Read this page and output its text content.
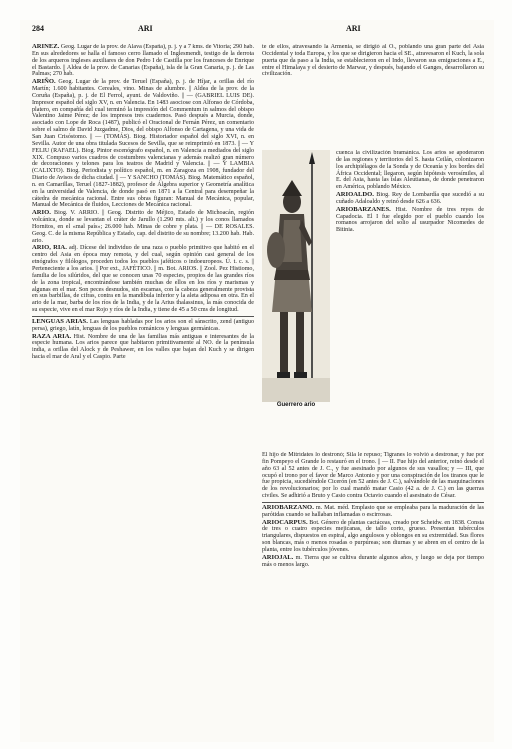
284	ARI	ARI

ARIÑEZ. Geog. Lugar de la prov. de Alava (España), p. j. y a 7 kms. de Vitoria; 290 hab. En sus alrededores se halla el famoso cerro llamado el Inglesmendi, testigo de la derrota de los arqueros ingleses auxiliares de don Pedro I de Castilla por los franceses de Enrique el Bastardo. || Aldea de la prov. de Canarias (España), isla de la Gran Canaria, p. j. de Las Palmas; 270 hab.

ARIÑO. Geog. Lugar de la prov. de Teruel (España), p. j. de Híjar, a orillas del río Martín; 1.600 habitantes. Cereales, vino. Minas de alumbre. || Aldea de la prov. de la Coruña (España), p. j. de El Ferrol, ayunt. de Valdoviño. || — (GABRIEL LUIS DE). Impresor español del siglo XV, n. en Valencia. En 1483 asociose con Alfonso de Córdoba, platero, en compañía del cual terminó la impresión del Commentum in salmos del obispo Valentino Jaime Pérez; de los impresos tres cuadernos. Pasó después a Murcia, donde, asociado con Lope de Roca (1487), publicó el Oracional de Fernán Pérez, un comentario sobre el salmo de David Juzgadme, Dios, del obispo Alfonso de Cartagena, y una vida de San Juan Crisóstomo. || — (TOMÁS). Biog. Historiador español del siglo XVI, n. en Sevilla. Autor de una obra titulada Sucesos de Sevilla, que se reimprimió en 1873. || — Y FELIU (RAFAEL). Biog. Pintor escenógrafo español, n. en Valencia a mediados del siglo XIX. Compuso varios cuadros de costumbres valencianas y además realizó gran número de decoraciones y telones para los teatros de Madrid y Valencia. || — Y LAMBIA (CALIXTO). Biog. Periodista y político español, m. en Zaragoza en 1908, fundador del Diario de Avisos de dicha ciudad. || — Y SANCHO (TOMÁS). Biog. Matemático español, n. en Camarillas, Teruel (1827-1882), profesor de Álgebra superior y Geometría analítica en la universidad de Valencia, de donde pasó en 1871 a la Central para desempeñar la cátedra de mecánica racional. Entre sus obras figuran: Manual de Mecánica, popular, Manual de Mecánica de fluidos, Lecciones de Mecánica racional.

ARIO. Biog. V. ARRIO. || Geog. Distrito de Méjico, Estado de Michoacán, región volcánica, donde se levantan el cráter de Jarullo (1.290 mts. alt.) y los conos llamados Hornitos, en el «mal país»; 26.000 hab. Minas de cobre y plata. || — DE ROSALES. Geog. C. de la misma República y Estado, cap. del distrito de su nombre; 13.200 hab. Hab. ario.

ARIO, RIA. adj. Dícese del individuo de una raza o pueblo primitivo que habitó en el centro del Asia en época muy remota, y del cual, según opinión casi general de los etnógrafos y filólogos, proceden todos los pueblos jaféticos o indoeuropeos. Ú. t. c. s. || Perteneciente a los arios. || Por ext., JAFÉTICO. || m. Bot. ARIOS. || Zool. Pez Histiomo, familia de los silúridos, del que se conocen unas 70 especies, propios de las grandes ríos de la zona tropical, encontrándose también muchas de ellos en los ríos y marismas y algunas en el mar. Son peces desnudos, sin escamas, con la cabeza generalmente provista en sus barbillas, de cifras, contra en la mandíbula inferior y la aleta adiposa en otra. En el ario de la mar, barba de los ríos de la India, y de la Arius thalassinus, la más conocida de su especie, vive en el mar Rojo y ríos de la India, y tiene de 45 a 50 cms de longitud.

LENGUAS ARIAS. Las lenguas habladas por los arios son el sánscrito, zend (antiguo persa), griego, latín, lenguas de los pueblos románicos y lenguas germánicas.

RAZA ARIA. Hist. Nombre de una de las familias más antiguas e interesantes de la especie humana. Los arios parece que habitaron primitivamente al NO. de la península india, a orillas del Alock y de Peshawer, en los valles que bajan del Kuch y se dirigen hacia el mar de Aral y el Caspio. Parte

te de ellos, atravesando la Armenia, se dirigió al O., poblando una gran parte del Asia Occidental y toda Europa, y los que se dirigieron hacia el SE., atravesaron el Kuch, la sola puerta que da paso a la India, se establecieron en el Indo, llevaron sus emigraciones a E., entre el Himalaya y el desierto de Marwar, y después, bajando el Ganges, desarrollaron su civilización.

Guerrero ario

cuenca la civilización bramánica. Los arios se apoderaron de las regiones y territorios del S. hasta Ceilán, colonizaron los archipiélagos de la Sonda y de Oceanía y los bordes del África Occidental; llegaron, según hipótesis verosímiles, al E. del Asia, hasta las islas Aleutianas, de donde penetraron en América, poblando México.

ARIOALDO. Biog. Rey de Lombardía que sucedió a su cuñado Adaloaldo y reinó desde 626 a 636.

ARIOBARZANES. Hist. Nombre de tres reyes de Capadocia. El I fue elegido por el pueblo cuando los romanos arrojaron del solio al usurpador Nicomedes de Bitinia.

El hijo de Mitrídates lo destronó; Sila le repuso; Tigranes lo volvió a destronar, y fue por fin Pompeyo el Grande lo restauró en el trono. || — II. Fue hijo del anterior, reinó desde el año 63 al 52 antes de J. C., y fue asesinado por algunos de sus vasallos; y — III, que ocupó el trono por el favor de Marco Antonio y por una conspiración de los tiranos que le fue propicia, sucediéndole Cicerón (en 52 antes de J. C.), salvándole de las maquinaciones de los revolucionarios; por lo cual mandó matar Casio (42 a. de J. C.) en las guerras civiles. Se adhirió a Bruto y Casio contra Octavio cuando el asesinato de César.

ARIOBARZANO. m. Mat. méd. Emplasto que se empleaba para la maduración de las parótidas cuando se hallaban inflamadas o escirrosas.

ARIOCARPUS. Bot. Género de plantas cactáceas, creado por Scheidw. en 1838. Consta de tres o cuatro especies mejicanas, de tallo corto, grueso. Presentan tubérculos triangulares, dispuestos en espiral, algo angulosos y oblongos en su extremidad. Sus flores son blancas, más o menos rosadas o purpúreas; son diurnas y se abren en el centro de la planta, entre los tubérculos jóvenes.

ARIOJAL. m. Tierra que se cultiva durante algunos años, y luego se deja por tiempo más o menos largo.
